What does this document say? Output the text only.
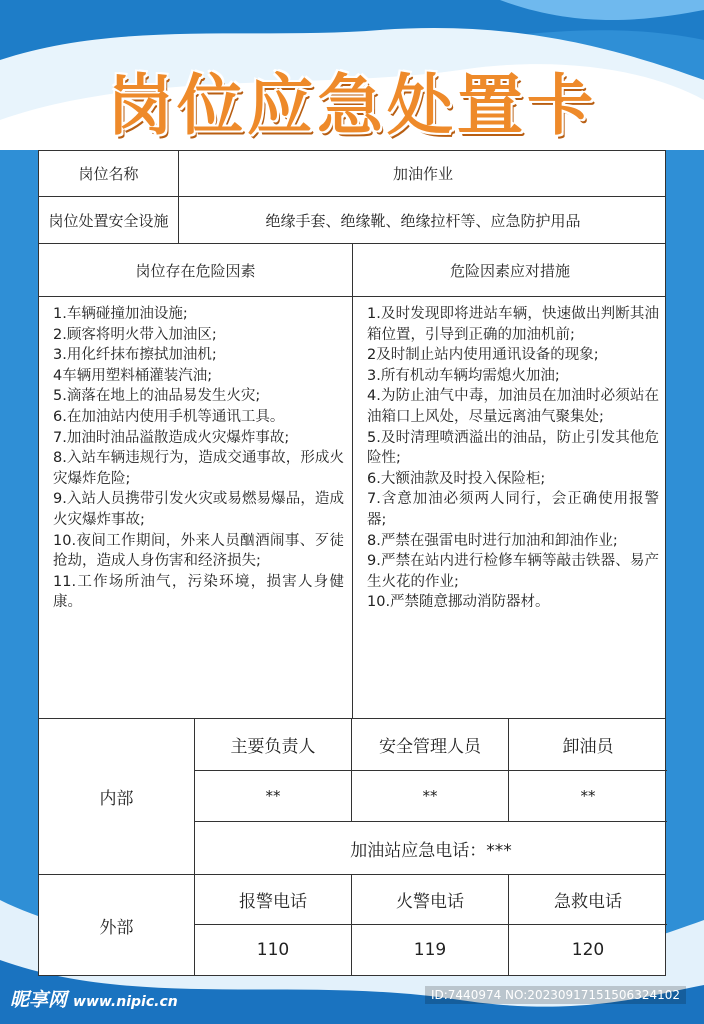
岗位应急处置卡
岗位名称	加油作业
岗位处置安全设施	绝缘手套、绝缘靴、绝缘拉杆等、应急防护用品
岗位存在危险因素	危险因素应对措施
1.车辆碰撞加油设施;
2.顾客将明火带入加油区;
3.用化纤抹布擦拭加油机;
4车辆用塑料桶灌装汽油;
5.滴落在地上的油品易发生火灾;
6.在加油站内使用手机等通讯工具。
7.加油时油品溢散造成火灾爆炸事故;
8.入站车辆违规行为，造成交通事故，形成火灾爆炸危险;
9.入站人员携带引发火灾或易燃易爆品，造成火灾爆炸事故;
10.夜间工作期间，外来人员酗酒闹事、歹徒抢劫，造成人身伤害和经济损失;
11.工作场所油气，污染环境，损害人身健康。
1.及时发现即将进站车辆，快速做出判断其油箱位置，引导到正确的加油机前;
2及时制止站内使用通讯设备的现象;
3.所有机动车辆均需熄火加油;
4.为防止油气中毒，加油员在加油时必须站在油箱口上风处，尽量远离油气聚集处;
5.及时清理喷洒溢出的油品，防止引发其他危险性;
6.大额油款及时投入保险柜;
7.含意加油必须两人同行，会正确使用报警器;
8.严禁在强雷电时进行加油和卸油作业;
9.严禁在站内进行检修车辆等敲击铁器、易产生火花的作业;
10.严禁随意挪动消防器材。
内部
主要负责人	安全管理人员	卸油员
**	**	**
加油站应急电话：***
外部
报警电话	火警电话	急救电话
110	119	120
昵享网 www.nipic.cn	ID:7440974 NO:20230917151506324102
